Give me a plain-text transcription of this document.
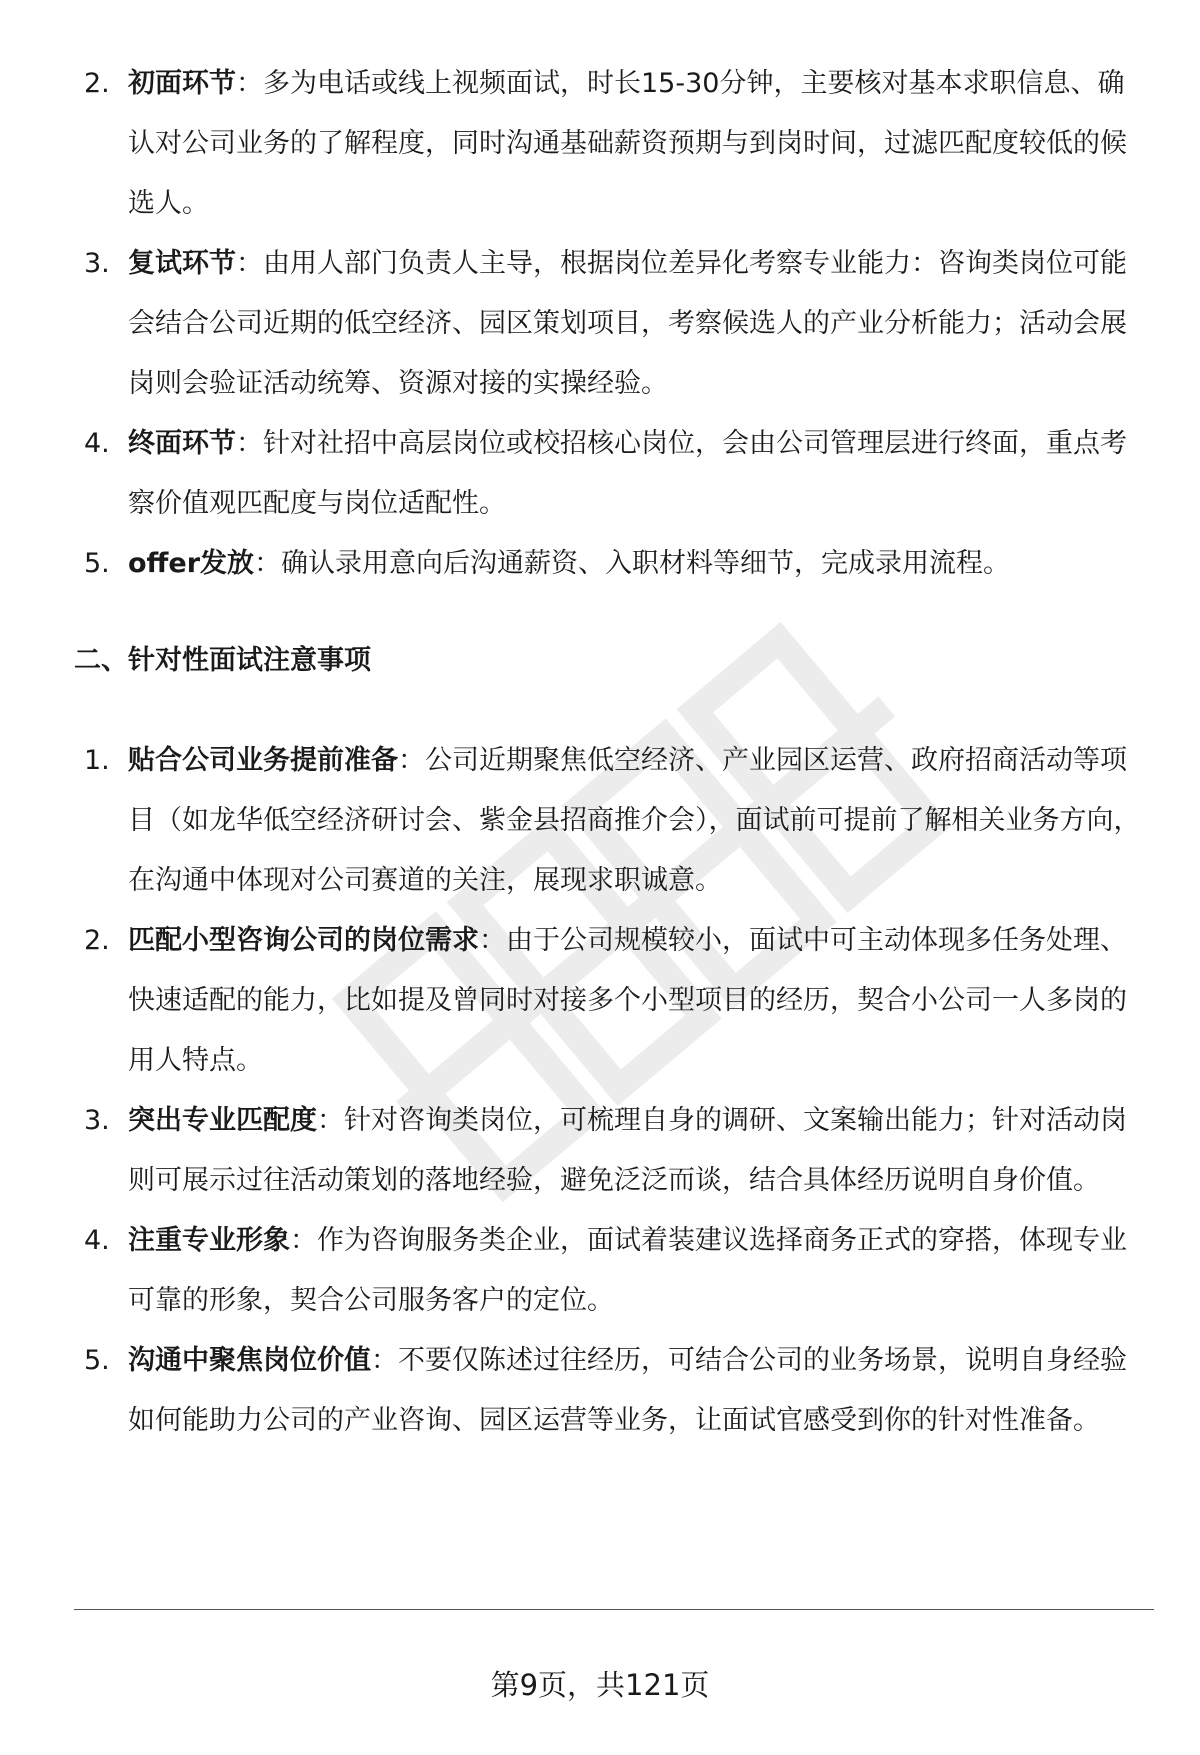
2. 初面环节：多为电话或线上视频面试，时长15-30分钟，主要核对基本求职信息、确认对公司业务的了解程度，同时沟通基础薪资预期与到岗时间，过滤匹配度较低的候选人。
3. 复试环节：由用人部门负责人主导，根据岗位差异化考察专业能力：咨询类岗位可能会结合公司近期的低空经济、园区策划项目，考察候选人的产业分析能力；活动会展岗则会验证活动统筹、资源对接的实操经验。
4. 终面环节：针对社招中高层岗位或校招核心岗位，会由公司管理层进行终面，重点考察价值观匹配度与岗位适配性。
5. offer发放：确认录用意向后沟通薪资、入职材料等细节，完成录用流程。
二、针对性面试注意事项
1. 贴合公司业务提前准备：公司近期聚焦低空经济、产业园区运营、政府招商活动等项目（如龙华低空经济研讨会、紫金县招商推介会），面试前可提前了解相关业务方向，在沟通中体现对公司赛道的关注，展现求职诚意。
2. 匹配小型咨询公司的岗位需求：由于公司规模较小，面试中可主动体现多任务处理、快速适配的能力，比如提及曾同时对接多个小型项目的经历，契合小公司一人多岗的用人特点。
3. 突出专业匹配度：针对咨询类岗位，可梳理自身的调研、文案输出能力；针对活动岗则可展示过往活动策划的落地经验，避免泛泛而谈，结合具体经历说明自身价值。
4. 注重专业形象：作为咨询服务类企业，面试着装建议选择商务正式的穿搭，体现专业可靠的形象，契合公司服务客户的定位。
5. 沟通中聚焦岗位价值：不要仅陈述过往经历，可结合公司的业务场景，说明自身经验如何能助力公司的产业咨询、园区运营等业务，让面试官感受到你的针对性准备。
第9页，共121页
